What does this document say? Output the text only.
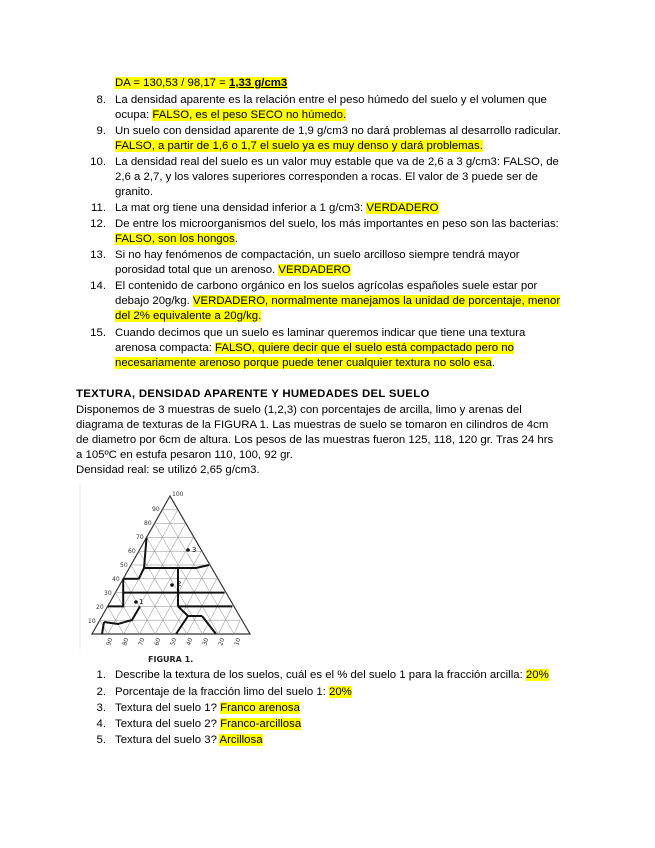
DA = 130,53 / 98,17 = 1,33 g/cm3
8. La densidad aparente es la relación entre el peso húmedo del suelo y el volumen que
ocupa: FALSO, es el peso SECO no húmedo.
9. Un suelo con densidad aparente de 1,9 g/cm3 no dará problemas al desarrollo radicular.
FALSO, a partir de 1,6 o 1,7 el suelo ya es muy denso y dará problemas.
10. La densidad real del suelo es un valor muy estable que va de 2,6 a 3 g/cm3: FALSO, de
2,6 a 2,7, y los valores superiores corresponden a rocas. El valor de 3 puede ser de
granito.
11. La mat org tiene una densidad inferior a 1 g/cm3: VERDADERO
12. De entre los microorganismos del suelo, los más importantes en peso son las bacterias:
FALSO, son los hongos.
13. Si no hay fenómenos de compactación, un suelo arcilloso siempre tendrá mayor
porosidad total que un arenoso. VERDADERO
14. El contenido de carbono orgánico en los suelos agrícolas españoles suele estar por
debajo 20g/kg. VERDADERO, normalmente manejamos la unidad de porcentaje, menor
del 2% equivalente a 20g/kg.
15. Cuando decimos que un suelo es laminar queremos indicar que tiene una textura
arenosa compacta: FALSO, quiere decir que el suelo está compactado pero no
necesariamente arenoso porque puede tener cualquier textura no solo esa.
TEXTURA, DENSIDAD APARENTE Y HUMEDADES DEL SUELO
Disponemos de 3 muestras de suelo (1,2,3) con porcentajes de arcilla, limo y arenas del
diagrama de texturas de la FIGURA 1. Las muestras de suelo se tomaron en cilindros de 4cm
de diametro por 6cm de altura. Los pesos de las muestras fueron 125, 118, 120 gr. Tras 24 hrs
a 105ºC en estufa pesaron 110, 100, 92 gr.
Densidad real: se utilizó 2,65 g/cm3.
2
1
3
100
90
80
70
60
50
40
30
20
10
90 80 70 60 50 40 30 20 10
FIGURA 1.
1. Describe la textura de los suelos, cuál es el % del suelo 1 para la fracción arcilla: 20%
2. Porcentaje de la fracción limo del suelo 1: 20%
3. Textura del suelo 1? Franco arenosa
4. Textura del suelo 2? Franco-arcillosa
5. Textura del suelo 3? Arcillosa
